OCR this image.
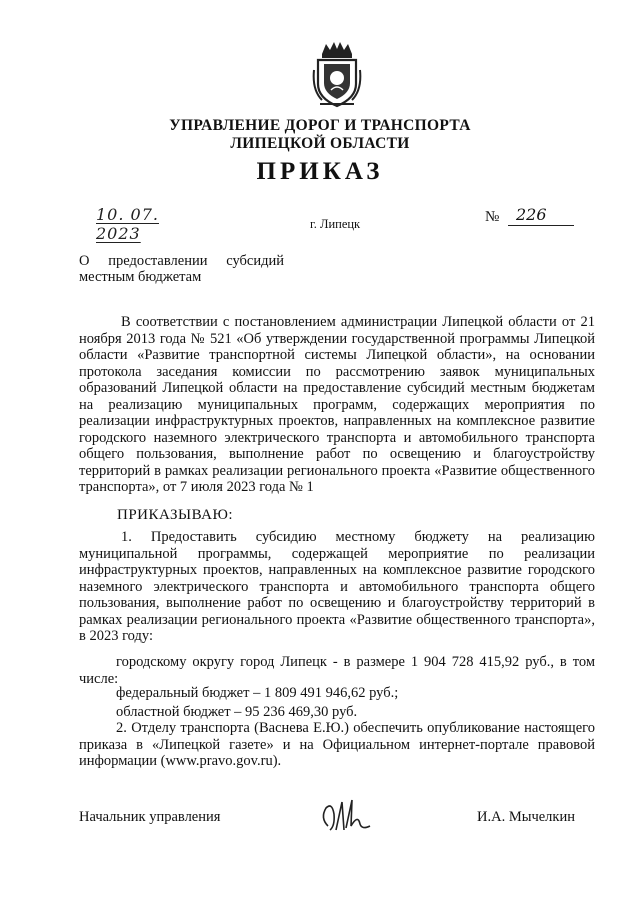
УПРАВЛЕНИЕ ДОРОГ И ТРАНСПОРТА
ЛИПЕЦКОЙ ОБЛАСТИ
ПРИКАЗ
10. 07. 2023	г. Липецк	№	226
О предоставлении субсидий
местным бюджетам
В соответствии с постановлением администрации Липецкой области от 21 ноября 2013 года № 521 «Об утверждении государственной программы Липецкой области «Развитие транспортной системы Липецкой области», на основании протокола заседания комиссии по рассмотрению заявок муниципальных образований Липецкой области на предоставление субсидий местным бюджетам на реализацию муниципальных программ, содержащих мероприятия по реализации инфраструктурных проектов, направленных на комплексное развитие городского наземного электрического транспорта и автомобильного транспорта общего пользования, выполнение работ по освещению и благоустройству территорий в рамках реализации регионального проекта «Развитие общественного транспорта», от 7 июля 2023 года № 1
ПРИКАЗЫВАЮ:
1. Предоставить субсидию местному бюджету на реализацию муниципальной программы, содержащей мероприятие по реализации инфраструктурных проектов, направленных на комплексное развитие городского наземного электрического транспорта и автомобильного транспорта общего пользования, выполнение работ по освещению и благоустройству территорий в рамках реализации регионального проекта «Развитие общественного транспорта», в 2023 году:
городскому округу город Липецк - в размере 1 904 728 415,92 руб., в том числе:
федеральный бюджет – 1 809 491 946,62 руб.;
областной бюджет – 95 236 469,30 руб.
2. Отделу транспорта (Васнева Е.Ю.) обеспечить опубликование настоящего приказа в «Липецкой газете» и на Официальном интернет-портале правовой информации (www.pravo.gov.ru).
Начальник управления	И.А. Мычелкин
